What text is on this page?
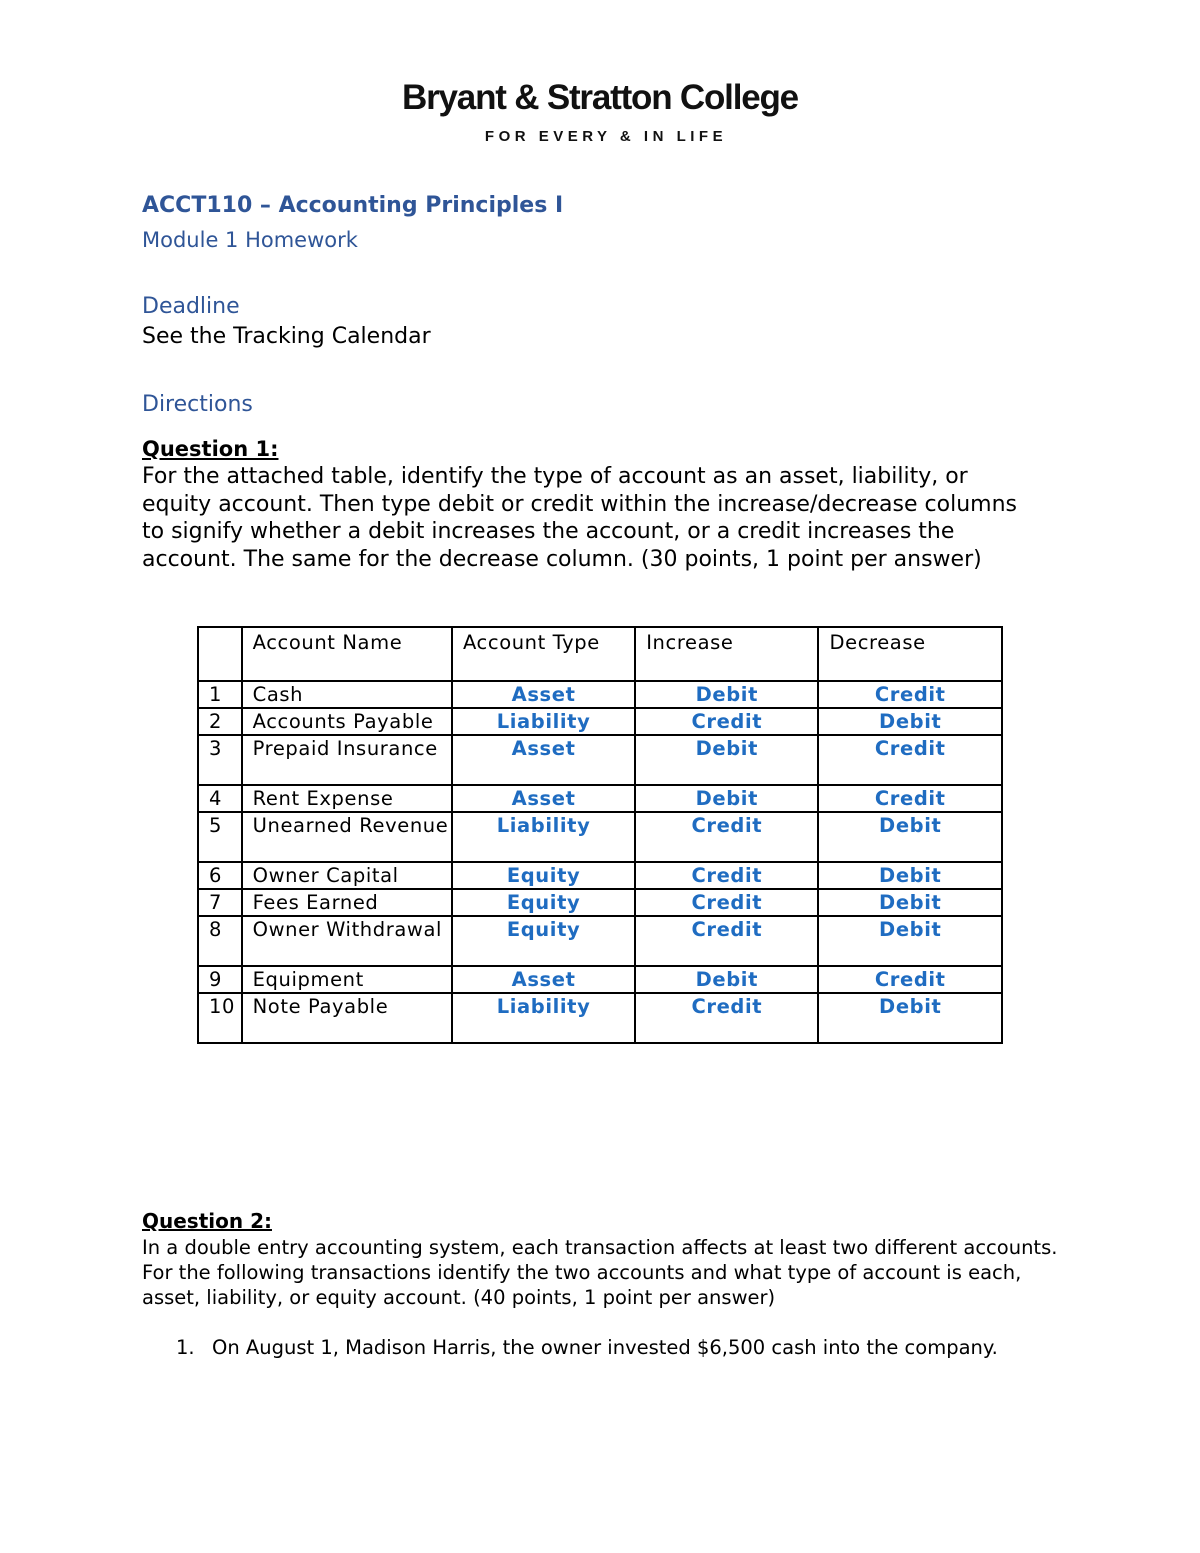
Bryant & Stratton College
FOR EVERY & IN LIFE
ACCT110 – Accounting Principles I
Module 1 Homework
Deadline
See the Tracking Calendar
Directions
Question 1:
For the attached table, identify the type of account as an asset, liability, or equity account. Then type debit or credit within the increase/decrease columns to signify whether a debit increases the account, or a credit increases the account. The same for the decrease column. (30 points, 1 point per answer)
	Account Name	Account Type	Increase	Decrease
1	Cash	Asset	Debit	Credit
2	Accounts Payable	Liability	Credit	Debit
3	Prepaid Insurance	Asset	Debit	Credit
4	Rent Expense	Asset	Debit	Credit
5	Unearned Revenue	Liability	Credit	Debit
6	Owner Capital	Equity	Credit	Debit
7	Fees Earned	Equity	Credit	Debit
8	Owner Withdrawal	Equity	Credit	Debit
9	Equipment	Asset	Debit	Credit
10	Note Payable	Liability	Credit	Debit
Question 2:
In a double entry accounting system, each transaction affects at least two different accounts. For the following transactions identify the two accounts and what type of account is each, asset, liability, or equity account. (40 points, 1 point per answer)
1. On August 1, Madison Harris, the owner invested $6,500 cash into the company.
